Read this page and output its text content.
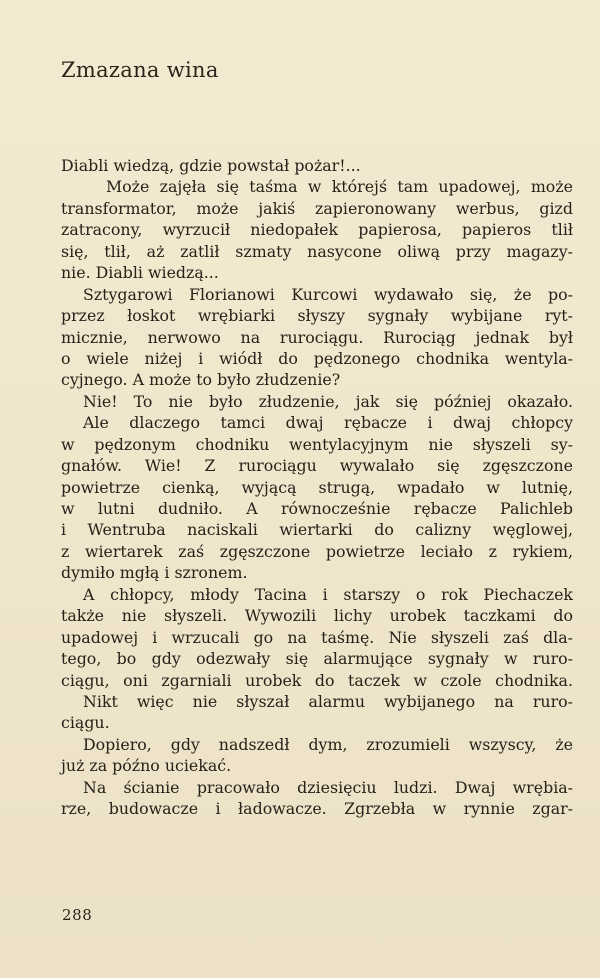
Zmazana wina
Diabli wiedzą, gdzie powstał pożar!...
Może zajęła się taśma w którejś tam upadowej, może
transformator, może jakiś zapieronowany werbus, gizd
zatracony, wyrzucił niedopałek papierosa, papieros tlił
się, tlił, aż zatlił szmaty nasycone oliwą przy magazy-
nie. Diabli wiedzą...
Sztygarowi Florianowi Kurcowi wydawało się, że po-
przez łoskot wrębiarki słyszy sygnały wybijane ryt-
micznie, nerwowo na rurociągu. Rurociąg jednak był
o wiele niżej i wiódł do pędzonego chodnika wentyla-
cyjnego. A może to było złudzenie?
Nie! To nie było złudzenie, jak się później okazało.
Ale dlaczego tamci dwaj rębacze i dwaj chłopcy
w pędzonym chodniku wentylacyjnym nie słyszeli sy-
gnałów. Wie! Z rurociągu wywalało się zgęszczone
powietrze cienką, wyjącą strugą, wpadało w lutnię,
w lutni dudniło. A równocześnie rębacze Palichleb
i Wentruba naciskali wiertarki do calizny węglowej,
z wiertarek zaś zgęszczone powietrze leciało z rykiem,
dymiło mgłą i szronem.
A chłopcy, młody Tacina i starszy o rok Piechaczek
także nie słyszeli. Wywozili lichy urobek taczkami do
upadowej i wrzucali go na taśmę. Nie słyszeli zaś dla-
tego, bo gdy odezwały się alarmujące sygnały w ruro-
ciągu, oni zgarniali urobek do taczek w czole chodnika.
Nikt więc nie słyszał alarmu wybijanego na ruro-
ciągu.
Dopiero, gdy nadszedł dym, zrozumieli wszyscy, że
już za późno uciekać.
Na ścianie pracowało dziesięciu ludzi. Dwaj wrębia-
rze, budowacze i ładowacze. Zgrzebła w rynnie zgar-
288
